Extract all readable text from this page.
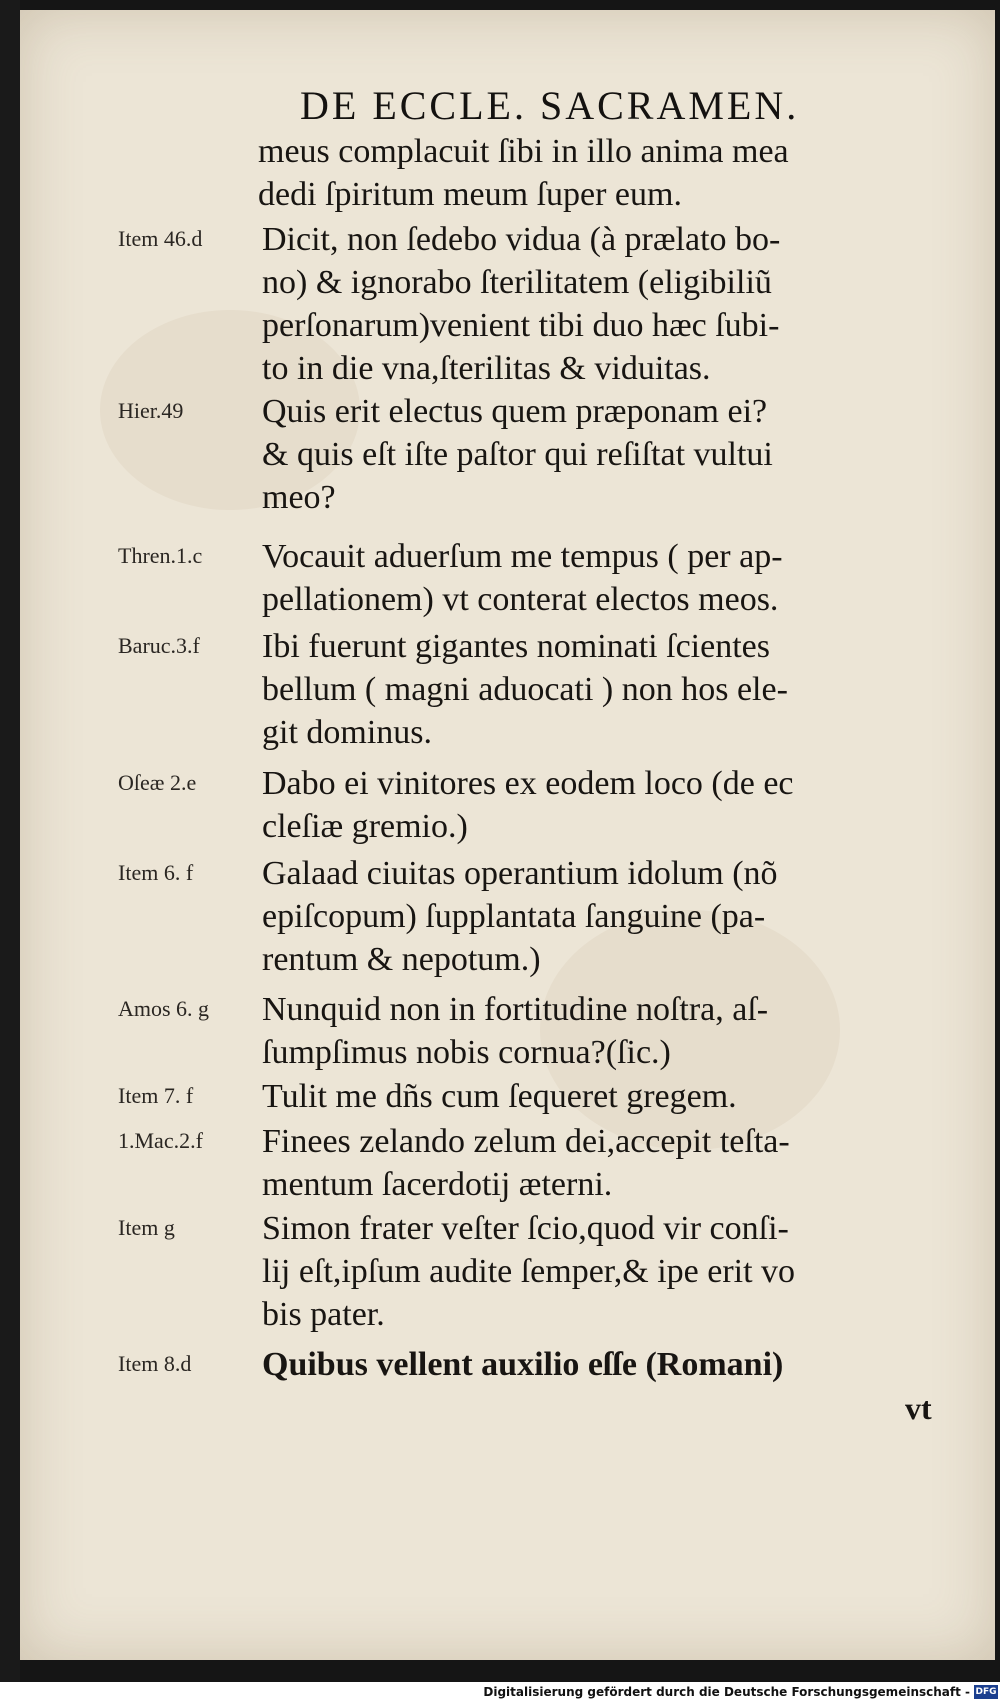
DE ECCLE. SACRAMEN.
meus complacuit ſibi in illo anima mea
dedi ſpiritum meum ſuper eum.
Item 46.d	Dicit, non ſedebo vidua (à prælato bo-
no) & ignorabo ſterilitatem (eligibiliũ
perſonarum)venient tibi duo hæc ſubi-
to in die vna,ſterilitas & viduitas.
Hier.49	Quis erit electus quem præponam ei?
& quis eſt iſte paſtor qui reſiſtat vultui
meo?
Thren.1.c	Vocauit aduerſum me tempus ( per ap-
pellationem) vt conterat electos meos.
Baruc.3.f	Ibi fuerunt gigantes nominati ſcientes
bellum ( magni aduocati ) non hos ele-
git dominus.
Oſeæ 2.e	Dabo ei vinitores ex eodem loco (de ec
cleſiæ gremio.)
Item 6. f	Galaad ciuitas operantium idolum (nõ
epiſcopum) ſupplantata ſanguine (pa-
rentum & nepotum.)
Amos 6. g	Nunquid non in fortitudine noſtra, aſ-
ſumpſimus nobis cornua?(ſic.)
Item 7. f	Tulit me dñs cum ſequeret gregem.
1.Mac.2.f	Finees zelando zelum dei,accepit teſta-
mentum ſacerdotij æterni.
Item g	Simon frater veſter ſcio,quod vir conſi-
lij eſt,ipſum audite ſemper,& ipe erit vo
bis pater.
Item 8.d	Quibus vellent auxilio eſſe (Romani)
vt
Digitalisierung gefördert durch die Deutsche Forschungsgemeinschaft - DFG
